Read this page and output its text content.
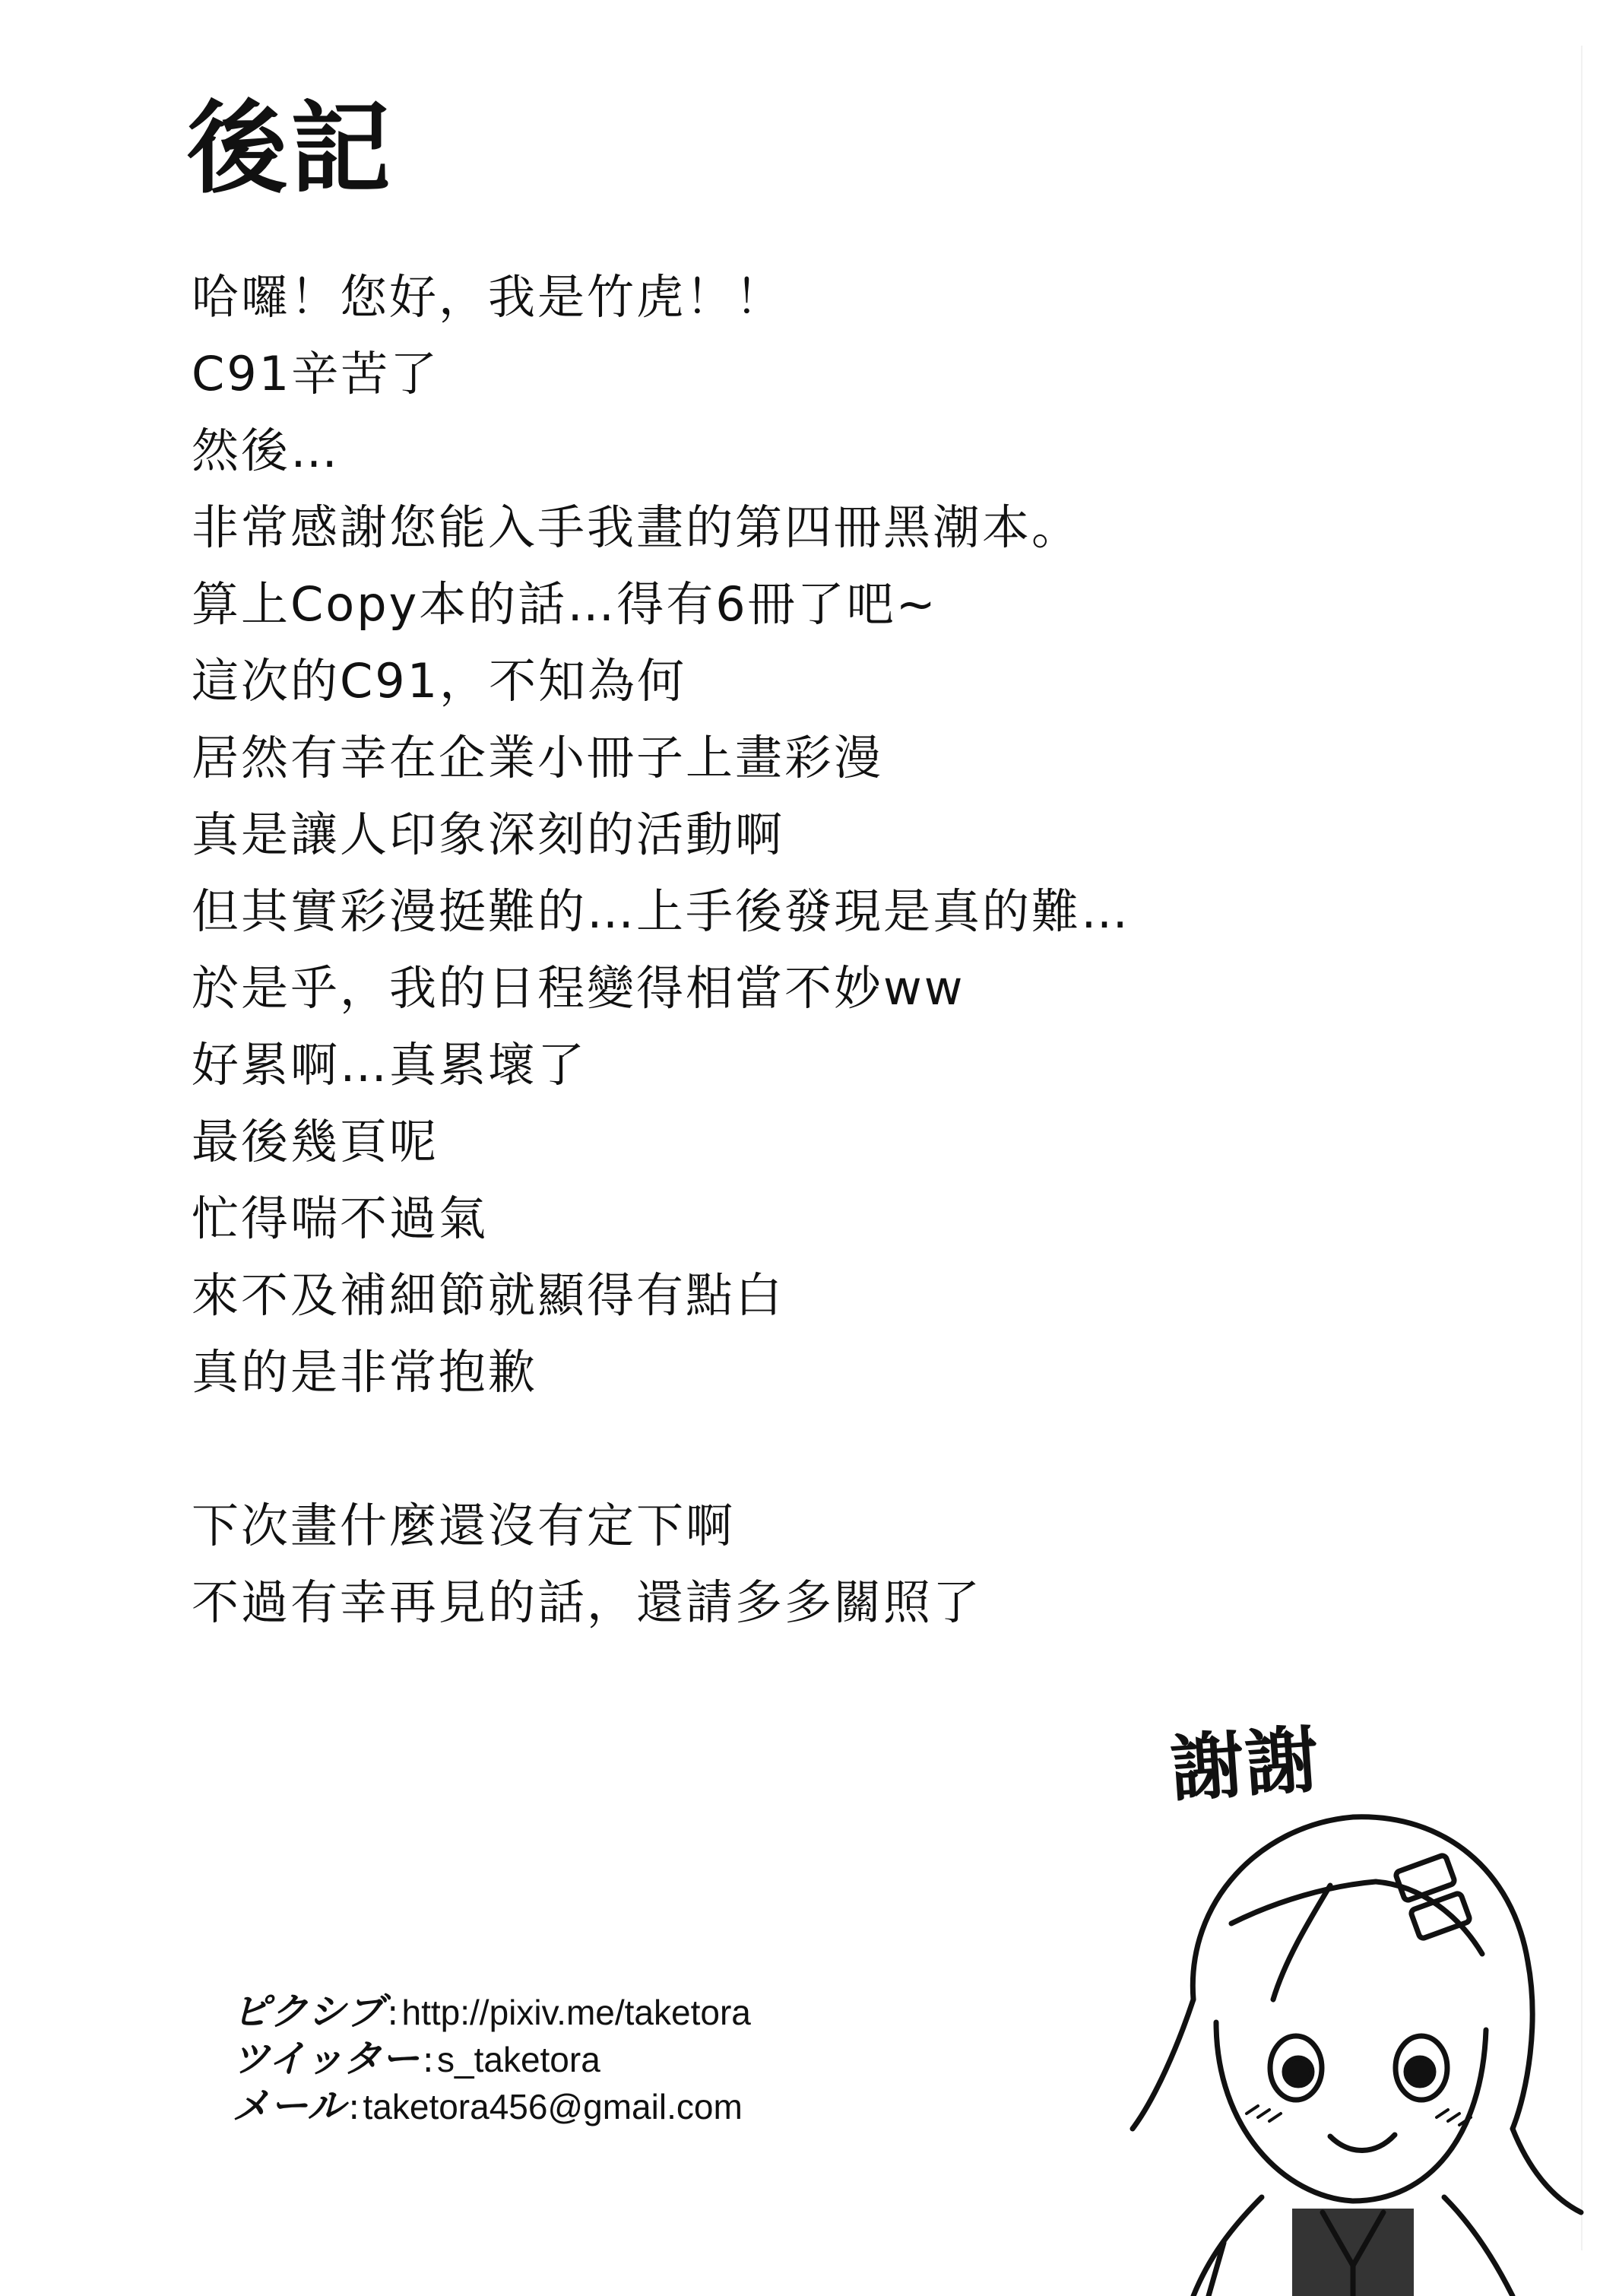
後記
哈囉！您好，我是竹虎！！
C91辛苦了
然後…
非常感謝您能入手我畫的第四冊黑潮本。
算上Copy本的話…得有6冊了吧~
這次的C91，不知為何
居然有幸在企業小冊子上畫彩漫
真是讓人印象深刻的活動啊
但其實彩漫挺難的…上手後發現是真的難…
於是乎，我的日程變得相當不妙ww
好累啊…真累壞了
最後幾頁呢
忙得喘不過氣
來不及補細節就顯得有點白
真的是非常抱歉
下次畫什麼還沒有定下啊
不過有幸再見的話，還請多多關照了
謝謝
ピクシブ:http://pixiv.me/taketora
ツイッター:s_taketora
メール:taketora456@gmail.com
